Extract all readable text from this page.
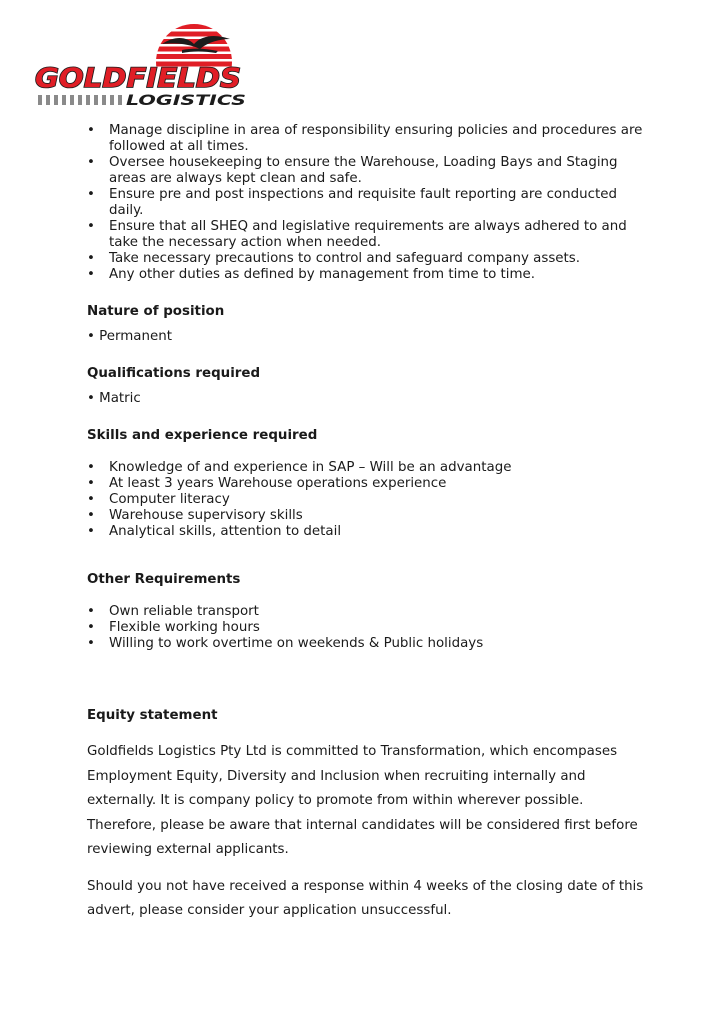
GOLDFIELDS
LOGISTICS
• Manage discipline in area of responsibility ensuring policies and procedures are followed at all times.
• Oversee housekeeping to ensure the Warehouse, Loading Bays and Staging areas are always kept clean and safe.
• Ensure pre and post inspections and requisite fault reporting are conducted daily.
• Ensure that all SHEQ and legislative requirements are always adhered to and take the necessary action when needed.
• Take necessary precautions to control and safeguard company assets.
• Any other duties as defined by management from time to time.
Nature of position

• Permanent

Qualifications required

• Matric

Skills and experience required
• Knowledge of and experience in SAP – Will be an advantage
• At least 3 years Warehouse operations experience
• Computer literacy
• Warehouse supervisory skills
• Analytical skills, attention to detail
Other Requirements
• Own reliable transport
• Flexible working hours
• Willing to work overtime on weekends & Public holidays
Equity statement

Goldfields Logistics Pty Ltd is committed to Transformation, which encompases Employment Equity, Diversity and Inclusion when recruiting internally and externally. It is company policy to promote from within wherever possible. Therefore, please be aware that internal candidates will be considered first before reviewing external applicants.

Should you not have received a response within 4 weeks of the closing date of this advert, please consider your application unsuccessful.
